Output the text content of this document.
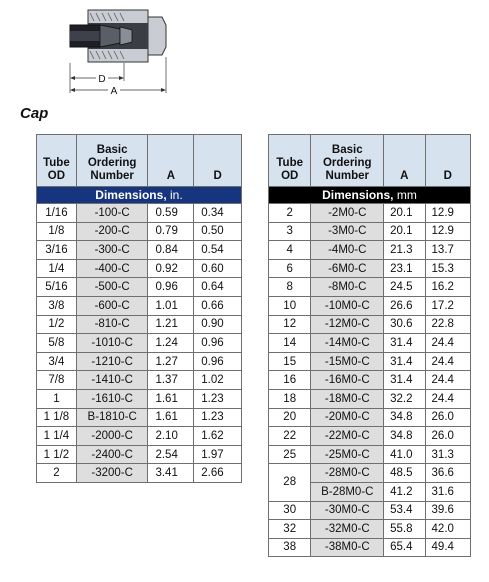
D
A
Cap
Tube
OD	Basic
Ordering
Number	A	D
Dimensions, in.			
1/16	-100-C	0.59	0.34
1/8	-200-C	0.79	0.50
3/16	-300-C	0.84	0.54
1/4	-400-C	0.92	0.60
5/16	-500-C	0.96	0.64
3/8	-600-C	1.01	0.66
1/2	-810-C	1.21	0.90
5/8	-1010-C	1.24	0.96
3/4	-1210-C	1.27	0.96
7/8	-1410-C	1.37	1.02
1	-1610-C	1.61	1.23
1 1/8	B-1810-C	1.61	1.23
1 1/4	-2000-C	2.10	1.62
1 1/2	-2400-C	2.54	1.97
2	-3200-C	3.41	2.66
Tube
OD	Basic
Ordering
Number	A	D
Dimensions, mm			
2	-2M0-C	20.1	12.9
3	-3M0-C	20.1	12.9
4	-4M0-C	21.3	13.7
6	-6M0-C	23.1	15.3
8	-8M0-C	24.5	16.2
10	-10M0-C	26.6	17.2
12	-12M0-C	30.6	22.8
14	-14M0-C	31.4	24.4
15	-15M0-C	31.4	24.4
16	-16M0-C	31.4	24.4
18	-18M0-C	32.2	24.4
20	-20M0-C	34.8	26.0
22	-22M0-C	34.8	26.0
25	-25M0-C	41.0	31.3
28	-28M0-C	48.5	36.6
	B-28M0-C	41.2	31.6
30	-30M0-C	53.4	39.6
32	-32M0-C	55.8	42.0
38	-38M0-C	65.4	49.4
